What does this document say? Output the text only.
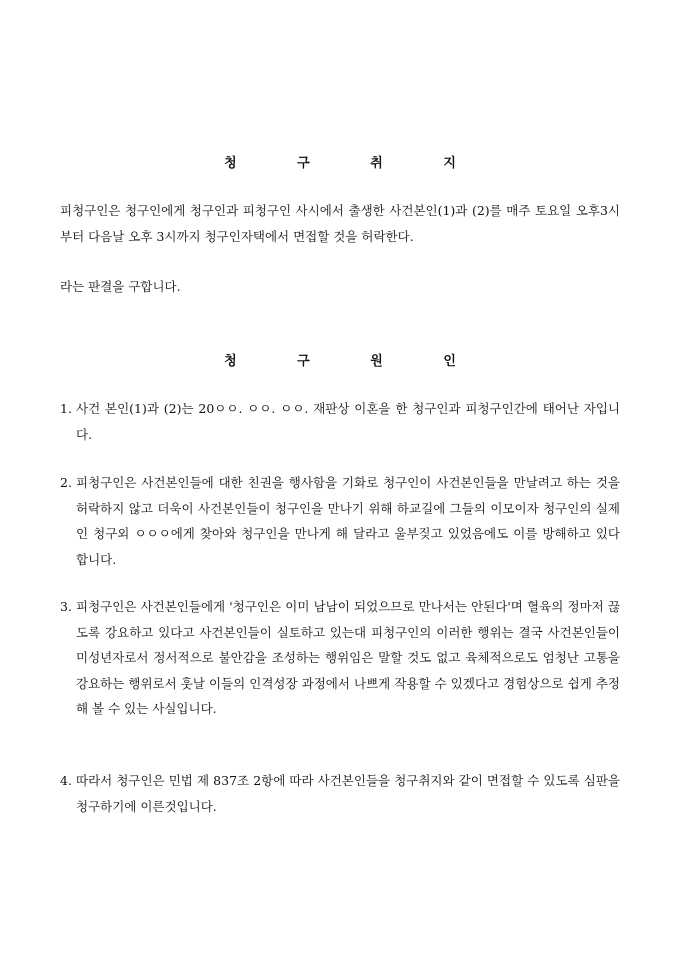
청 구 취 지
피청구인은 청구인에게 청구인과 피청구인 사시에서 출생한 사건본인(1)과 (2)를 매주 토요일 오후3시부터 다음날 오후 3시까지 청구인자택에서 면접할 것을 허락한다.
라는 판결을 구합니다.
청 구 원 인
1. 사건 본인(1)과 (2)는 20ㅇㅇ. ㅇㅇ. ㅇㅇ. 재판상 이혼을 한 청구인과 피청구인간에 태어난 자입니다.
2. 피청구인은 사건본인들에 대한 친권을 행사함을 기화로 청구인이 사건본인들을 만날려고 하는 것을 허락하지 않고 더욱이 사건본인들이 청구인을 만나기 위해 하교길에 그들의 이모이자 청구인의 실제인 청구외 ㅇㅇㅇ에게 찾아와 청구인을 만나게 해 달라고 울부짖고 있었음에도 이를 방해하고 있다 합니다.
3. 피청구인은 사건본인들에게 '청구인은 이미 남남이 되었으므로 만나서는 안된다'며 혈육의 정마저 끊도록 강요하고 있다고 사건본인들이 실토하고 있는대 피청구인의 이러한 행위는 결국 사건본인들이 미성년자로서 정서적으로 불안감을 조성하는 행위임은 말할 것도 없고 육체적으로도 엄청난 고통을 강요하는 행위로서 훗날 이들의 인격성장 과정에서 나쁘게 작용할 수 있겠다고 경험상으로 쉽게 추정해 볼 수 있는 사실입니다.
4. 따라서 청구인은 민법 제 837조 2항에 따라 사건본인들을 청구취지와 같이 면접할 수 있도록 심판을 청구하기에 이른것입니다.
